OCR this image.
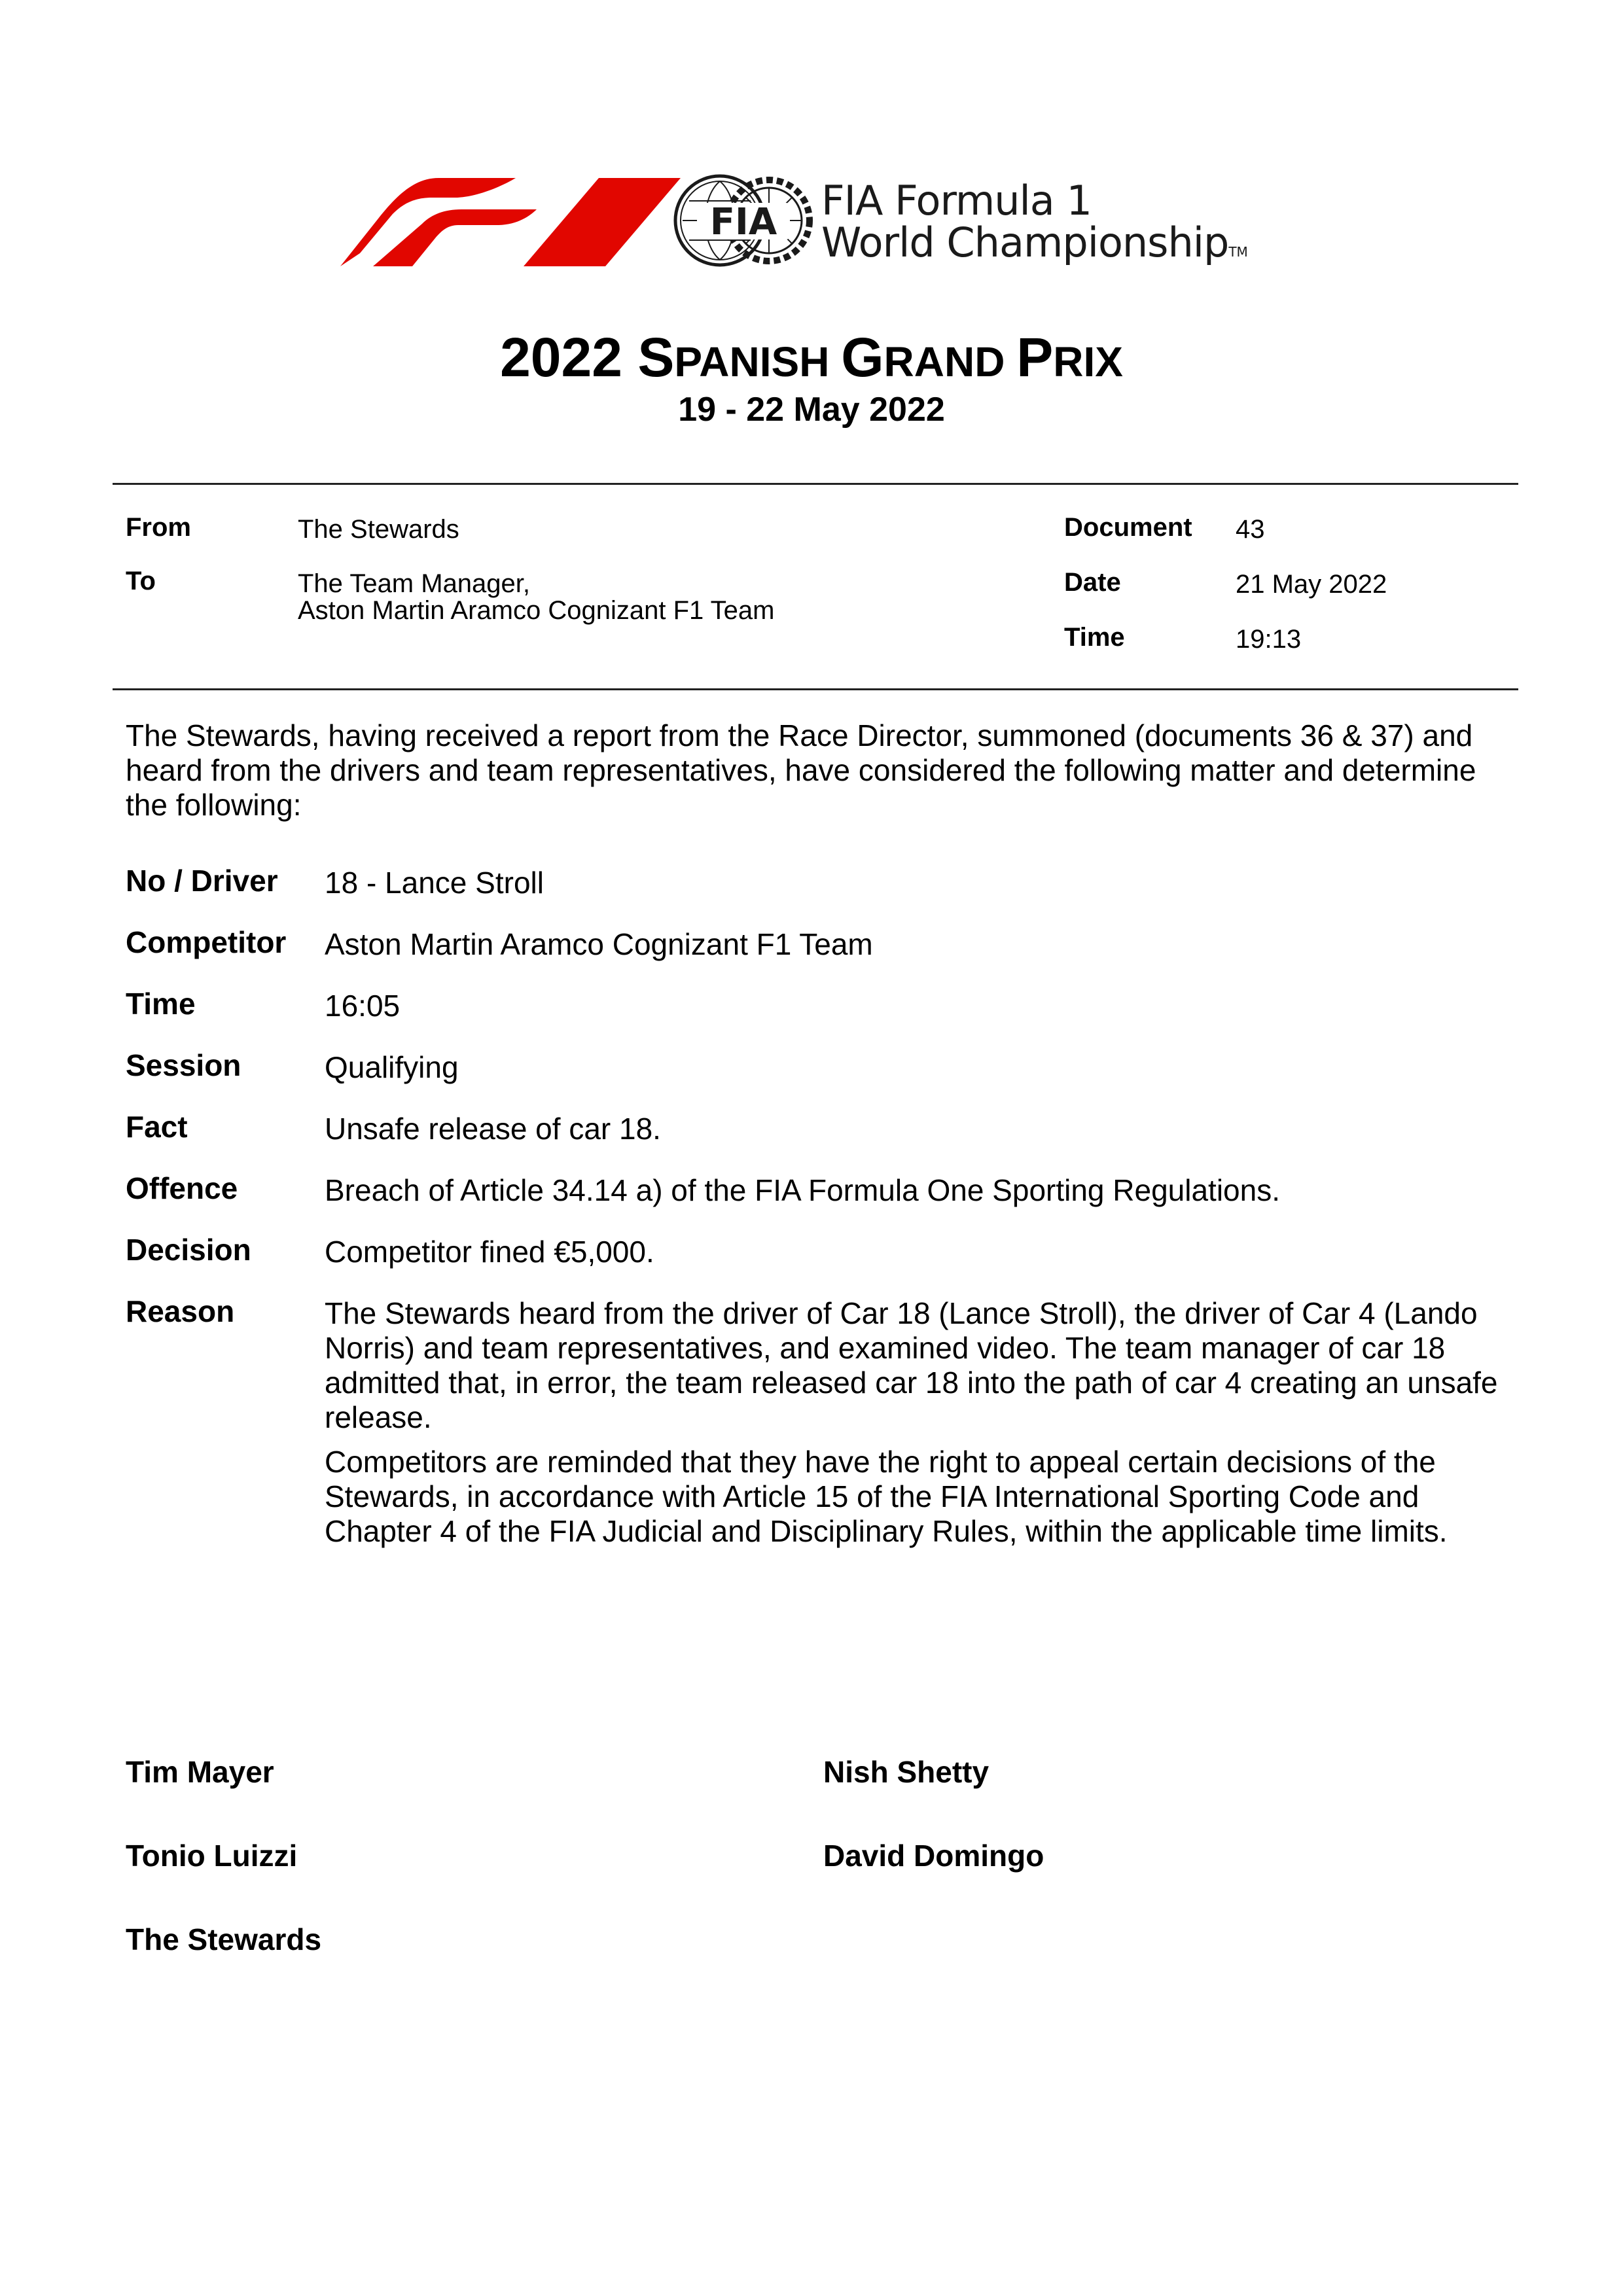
FIA FIA Formula 1
World ChampionshipTM
2022 SPANISH GRAND PRIX
19 - 22 May 2022
From	The Stewards
To	The Team Manager,
Aston Martin Aramco Cognizant F1 Team
Document 43
Date	21 May 2022
Time	19:13

The Stewards, having received a report from the Race Director, summoned (documents 36 & 37) and heard from the drivers and team representatives, have considered the following matter and determine the following:

No / Driver 18 - Lance Stroll

Competitor Aston Martin Aramco Cognizant F1 Team

Time	16:05

Session	Qualifying

Fact	Unsafe release of car 18.

Offence	Breach of Article 34.14 a) of the FIA Formula One Sporting Regulations.

Decision Competitor fined €5,000.

Reason	The Stewards heard from the driver of Car 18 (Lance Stroll), the driver of Car 4 (Lando Norris) and team representatives, and examined video. The team manager of car 18 admitted that, in error, the team released car 18 into the path of car 4 creating an unsafe release.

Competitors are reminded that they have the right to appeal certain decisions of the Stewards, in accordance with Article 15 of the FIA International Sporting Code and Chapter 4 of the FIA Judicial and Disciplinary Rules, within the applicable time limits.

Tim Mayer	Nish Shetty
Tonio Luizzi	David Domingo
The Stewards
